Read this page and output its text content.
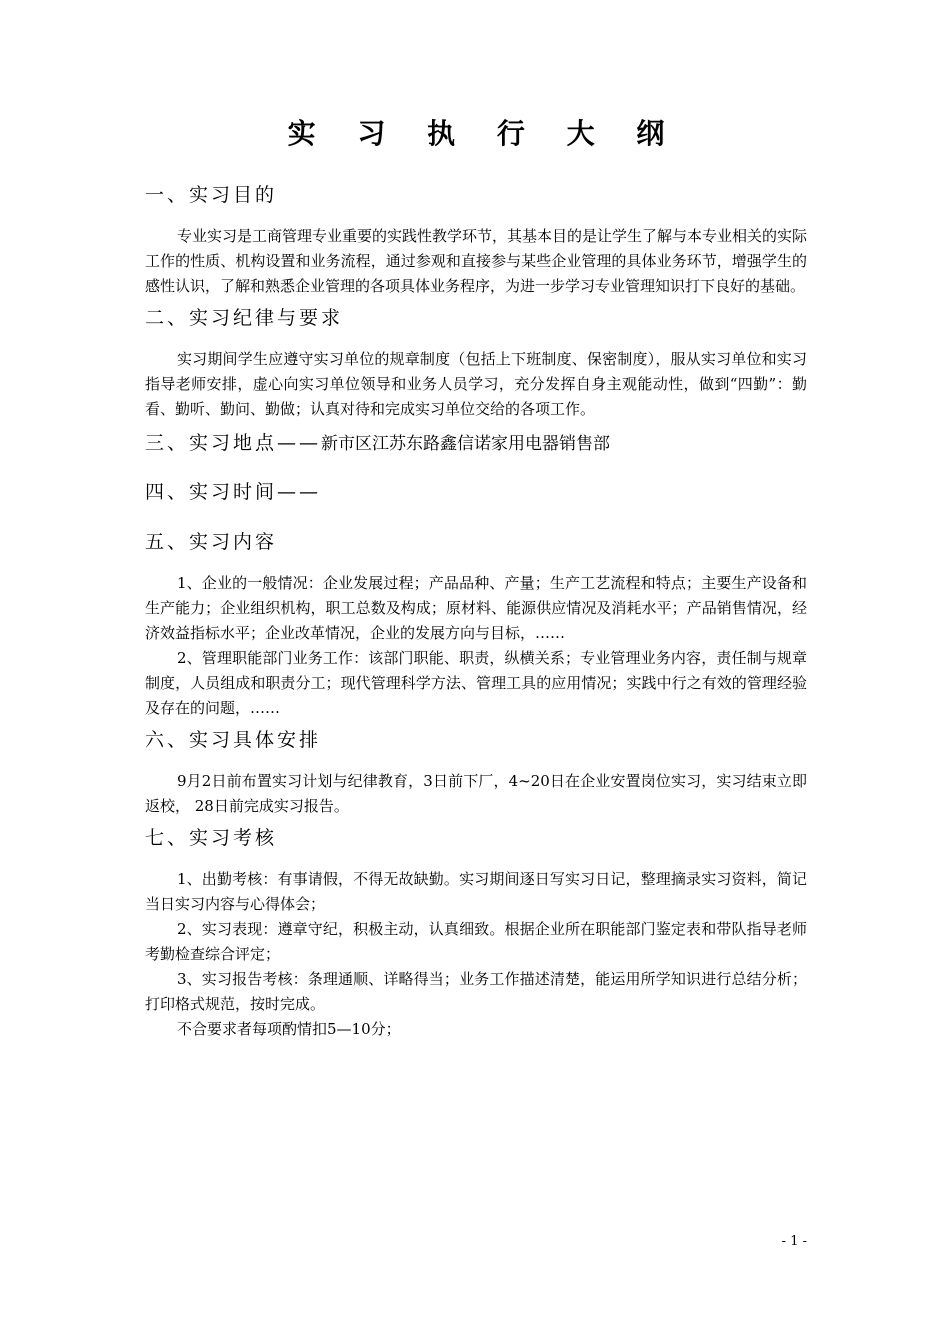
实 习 执 行 大 纲
一、实习目的

专业实习是工商管理专业重要的实践性教学环节，其基本目的是让学生了解与本专业相关的实际工作的性质、机构设置和业务流程，通过参观和直接参与某些企业管理的具体业务环节，增强学生的感性认识，了解和熟悉企业管理的各项具体业务程序，为进一步学习专业管理知识打下良好的基础。

二、实习纪律与要求

实习期间学生应遵守实习单位的规章制度（包括上下班制度、保密制度），服从实习单位和实习指导老师安排，虚心向实习单位领导和业务人员学习，充分发挥自身主观能动性，做到“四勤”：勤看、勤听、勤问、勤做；认真对待和完成实习单位交给的各项工作。

三、实习地点——新市区江苏东路鑫信诺家用电器销售部
四、实习时间——
五、实习内容

1、企业的一般情况：企业发展过程；产品品种、产量；生产工艺流程和特点；主要生产设备和生产能力；企业组织机构，职工总数及构成；原材料、能源供应情况及消耗水平；产品销售情况，经济效益指标水平；企业改革情况，企业的发展方向与目标，……

2、管理职能部门业务工作：该部门职能、职责，纵横关系；专业管理业务内容，责任制与规章制度，人员组成和职责分工；现代管理科学方法、管理工具的应用情况；实践中行之有效的管理经验及存在的问题，……

六、实习具体安排

9月2日前布置实习计划与纪律教育，3日前下厂，4~20日在企业安置岗位实习，实习结束立即返校， 28日前完成实习报告。

七、实习考核

1、出勤考核：有事请假，不得无故缺勤。实习期间逐日写实习日记，整理摘录实习资料，简记当日实习内容与心得体会；

2、实习表现：遵章守纪，积极主动，认真细致。根据企业所在职能部门鉴定表和带队指导老师考勤检查综合评定；

3、实习报告考核：条理通顺、详略得当；业务工作描述清楚，能运用所学知识进行总结分析；打印格式规范，按时完成。

不合要求者每项酌情扣5—10分；

- 1 -
